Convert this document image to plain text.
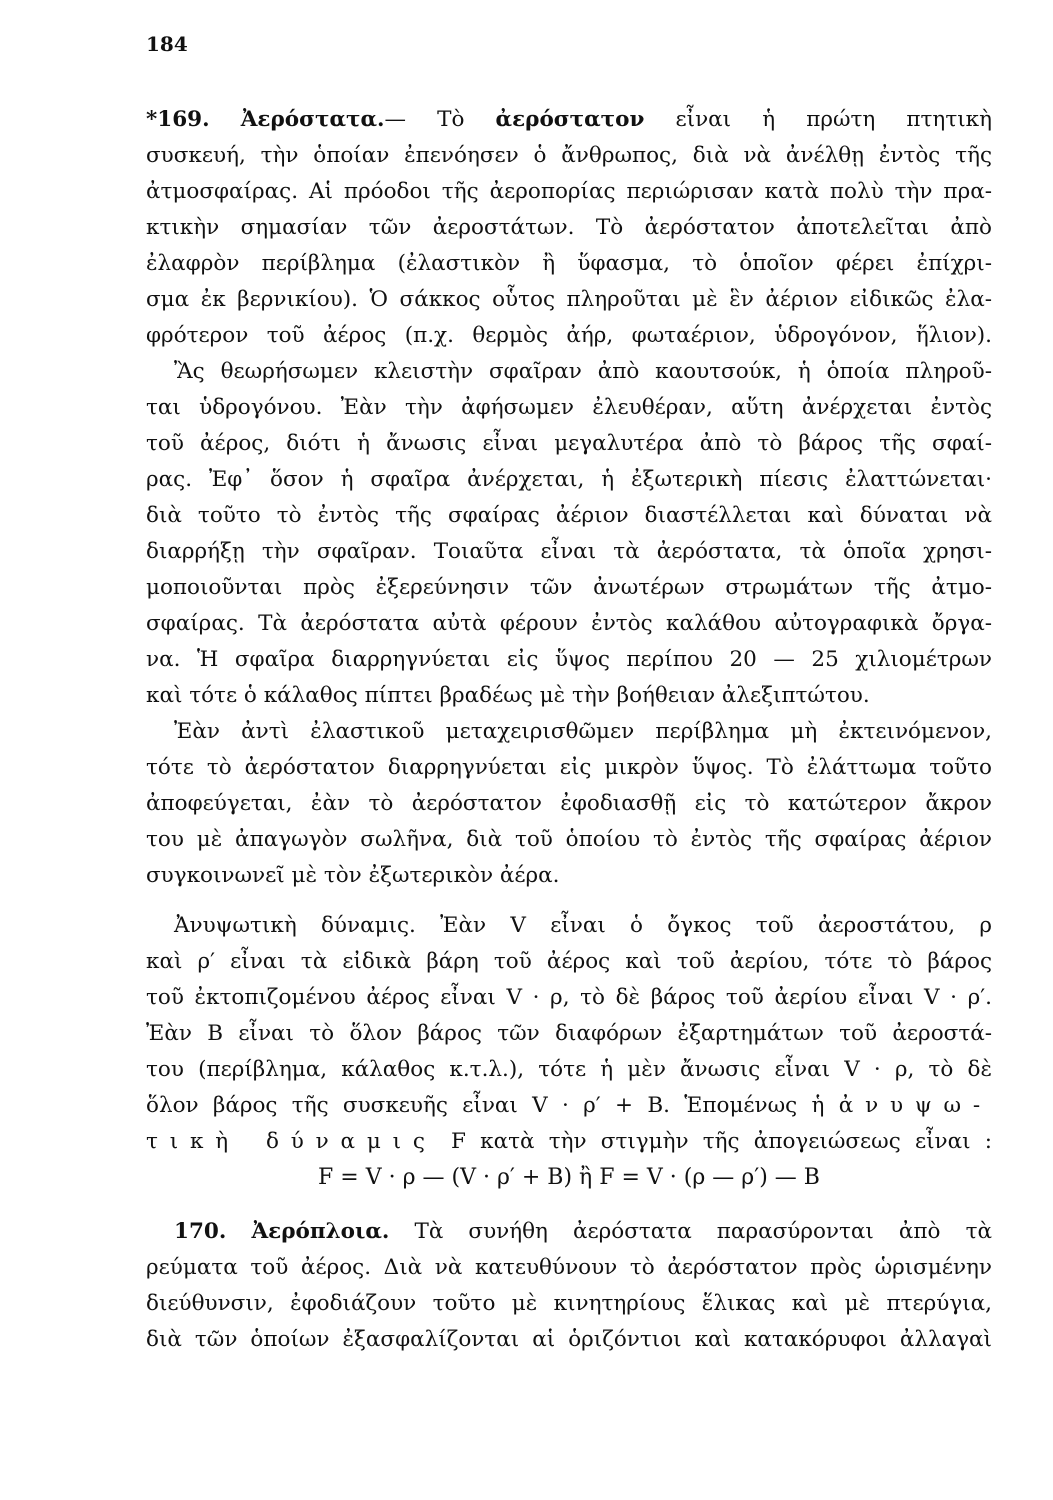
184
*169. Ἀερόστατα.— Τὸ ἀερόστατον εἶναι ἡ πρώτη πτητικὴ
συσκευή, τὴν ὁποίαν ἐπενόησεν ὁ ἄνθρωπος, διὰ νὰ ἀνέλθῃ ἐντὸς τῆς
ἀτμοσφαίρας. Αἱ πρόοδοι τῆς ἀεροπορίας περιώρισαν κατὰ πολὺ τὴν πρα-
κτικὴν σημασίαν τῶν ἀεροστάτων. Τὸ ἀερόστατον ἀποτελεῖται ἀπὸ
ἐλαφρὸν περίβλημα (ἐλαστικὸν ἢ ὕφασμα, τὸ ὁποῖον φέρει ἐπίχρι-
σμα ἐκ βερνικίου). Ὁ σάκκος οὗτος πληροῦται μὲ ἓν ἀέριον εἰδικῶς ἐλα-
φρότερον τοῦ ἀέρος (π.χ. θερμὸς ἀήρ, φωταέριον, ὑδρογόνον, ἥλιον).
Ἂς θεωρήσωμεν κλειστὴν σφαῖραν ἀπὸ καουτσούκ, ἡ ὁποία πληροῦ-
ται ὑδρογόνου. Ἐὰν τὴν ἀφήσωμεν ἐλευθέραν, αὕτη ἀνέρχεται ἐντὸς
τοῦ ἀέρος, διότι ἡ ἄνωσις εἶναι μεγαλυτέρα ἀπὸ τὸ βάρος τῆς σφαί-
ρας. Ἐφ᾽ ὅσον ἡ σφαῖρα ἀνέρχεται, ἡ ἐξωτερικὴ πίεσις ἐλαττώνεται·
διὰ τοῦτο τὸ ἐντὸς τῆς σφαίρας ἀέριον διαστέλλεται καὶ δύναται νὰ
διαρρήξῃ τὴν σφαῖραν. Τοιαῦτα εἶναι τὰ ἀερόστατα, τὰ ὁποῖα χρησι-
μοποιοῦνται πρὸς ἐξερεύνησιν τῶν ἀνωτέρων στρωμάτων τῆς ἀτμο-
σφαίρας. Τὰ ἀερόστατα αὐτὰ φέρουν ἐντὸς καλάθου αὐτογραφικὰ ὄργα-
να. Ἡ σφαῖρα διαρρηγνύεται εἰς ὕψος περίπου 20 — 25 χιλιομέτρων
καὶ τότε ὁ κάλαθος πίπτει βραδέως μὲ τὴν βοήθειαν ἀλεξιπτώτου.
Ἐὰν ἀντὶ ἐλαστικοῦ μεταχειρισθῶμεν περίβλημα μὴ ἐκτεινόμενον,
τότε τὸ ἀερόστατον διαρρηγνύεται εἰς μικρὸν ὕψος. Τὸ ἐλάττωμα τοῦτο
ἀποφεύγεται, ἐὰν τὸ ἀερόστατον ἐφοδιασθῇ εἰς τὸ κατώτερον ἄκρον
του μὲ ἀπαγωγὸν σωλῆνα, διὰ τοῦ ὁποίου τὸ ἐντὸς τῆς σφαίρας ἀέριον
συγκοινωνεῖ μὲ τὸν ἐξωτερικὸν ἀέρα.
Ἀνυψωτικὴ δύναμις. Ἐὰν V εἶναι ὁ ὄγκος τοῦ ἀεροστάτου, ρ
καὶ ρ′ εἶναι τὰ εἰδικὰ βάρη τοῦ ἀέρος καὶ τοῦ ἀερίου, τότε τὸ βάρος
τοῦ ἐκτοπιζομένου ἀέρος εἶναι V · ρ, τὸ δὲ βάρος τοῦ ἀερίου εἶναι V · ρ′.
Ἐὰν Β εἶναι τὸ ὅλον βάρος τῶν διαφόρων ἐξαρτημάτων τοῦ ἀεροστά-
του (περίβλημα, κάλαθος κ.τ.λ.), τότε ἡ μὲν ἄνωσις εἶναι V · ρ, τὸ δὲ
ὅλον βάρος τῆς συσκευῆς εἶναι V · ρ′ + Β. Ἑπομένως ἡ ἀνυψω-
τικὴ δύναμις F κατὰ τὴν στιγμὴν τῆς ἀπογειώσεως εἶναι :
F = V · ρ — (V · ρ′ + Β) ἢ F = V · (ρ — ρ′) — Β
170. Ἀερόπλοια. Τὰ συνήθη ἀερόστατα παρασύρονται ἀπὸ τὰ
ρεύματα τοῦ ἀέρος. Διὰ νὰ κατευθύνουν τὸ ἀερόστατον πρὸς ὡρισμένην
διεύθυνσιν, ἐφοδιάζουν τοῦτο μὲ κινητηρίους ἕλικας καὶ μὲ πτερύγια,
διὰ τῶν ὁποίων ἐξασφαλίζονται αἱ ὁριζόντιοι καὶ κατακόρυφοι ἀλλαγαὶ
